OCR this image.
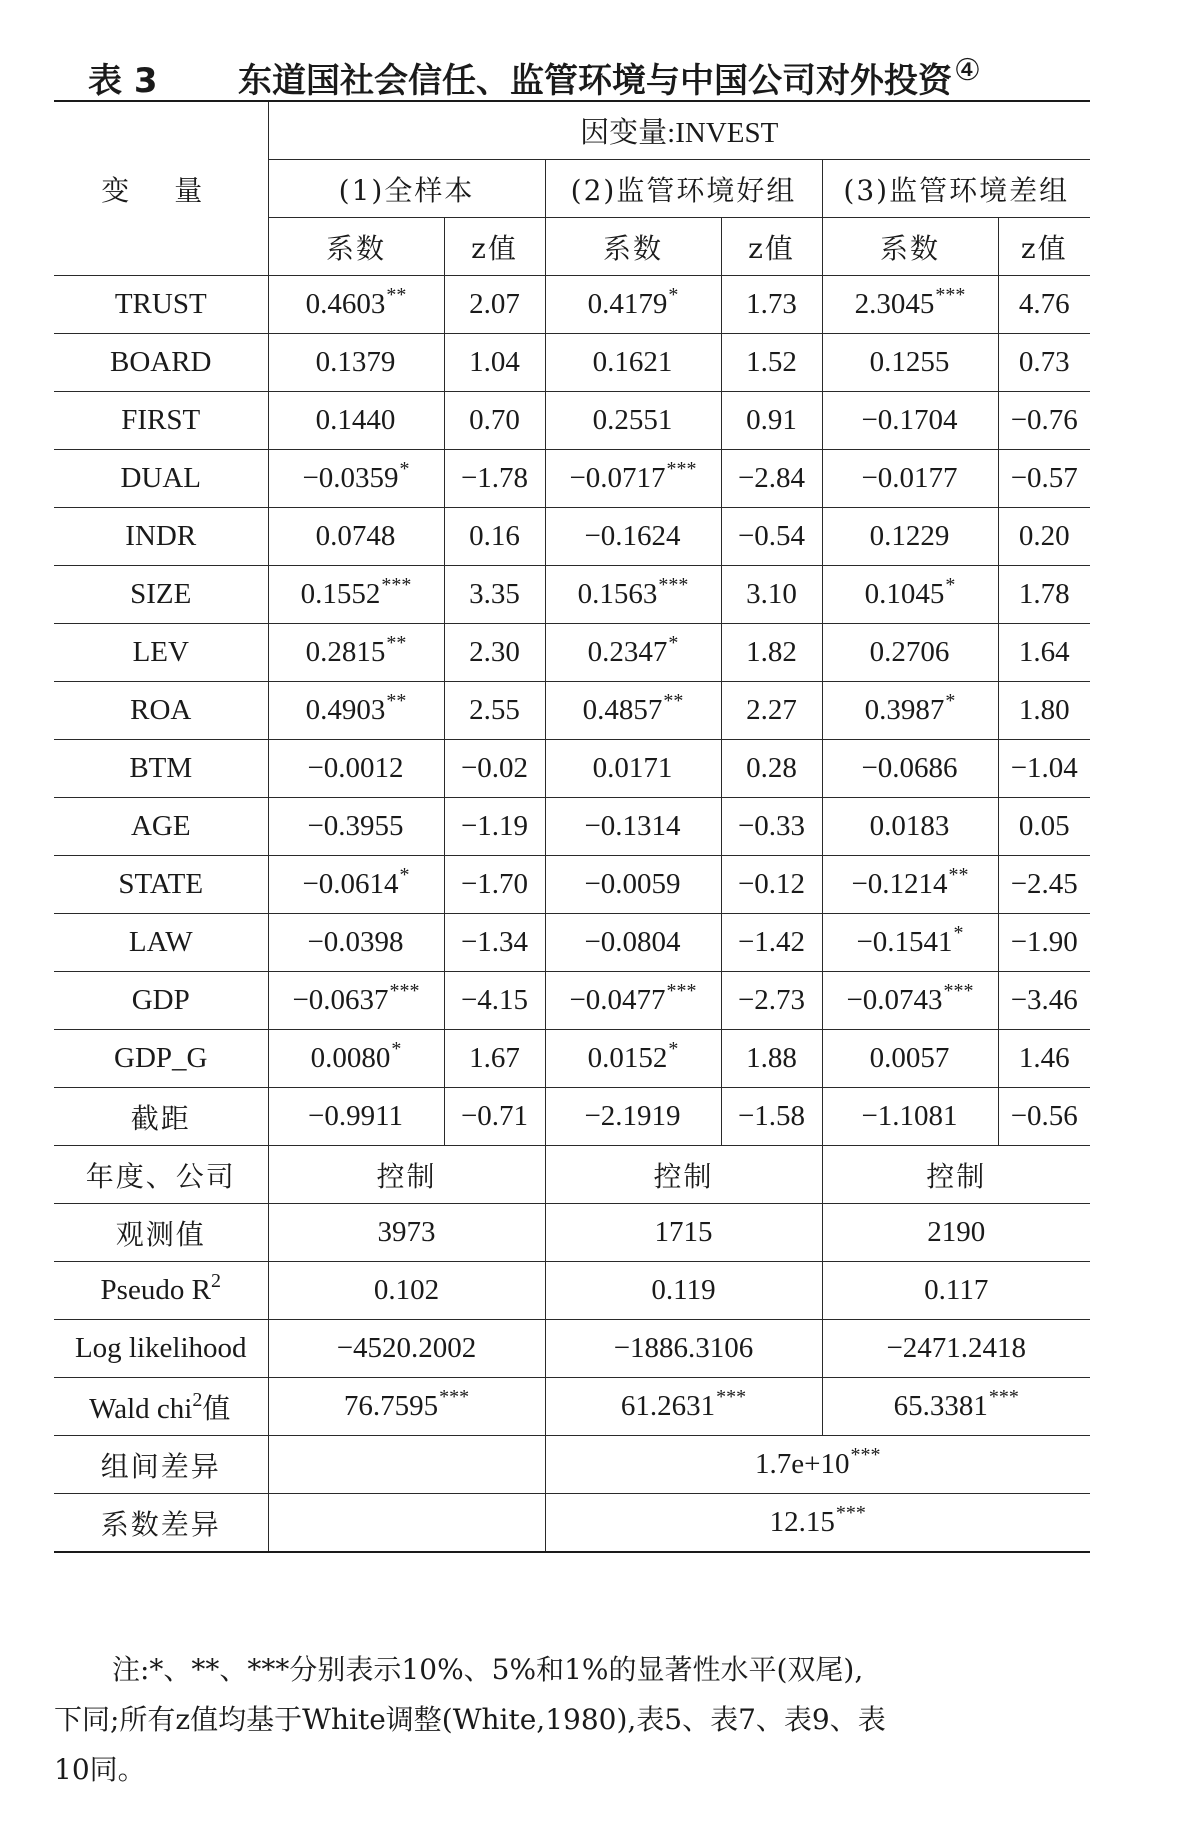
表 3 东道国社会信任、监管环境与中国公司对外投资④
变 量	因变量:INVEST					
	(1)全样本		(2)监管环境好组		(3)监管环境差组	
	系数	z值	系数	z值	系数	z值
TRUST	0.4603**	2.07	0.4179*	1.73	2.3045***	4.76
BOARD	0.1379	1.04	0.1621	1.52	0.1255	0.73
FIRST	0.1440	0.70	0.2551	0.91	−0.1704	−0.76
DUAL	−0.0359*	−1.78	−0.0717***	−2.84	−0.0177	−0.57
INDR	0.0748	0.16	−0.1624	−0.54	0.1229	0.20
SIZE	0.1552***	3.35	0.1563***	3.10	0.1045*	1.78
LEV	0.2815**	2.30	0.2347*	1.82	0.2706	1.64
ROA	0.4903**	2.55	0.4857**	2.27	0.3987*	1.80
BTM	−0.0012	−0.02	0.0171	0.28	−0.0686	−1.04
AGE	−0.3955	−1.19	−0.1314	−0.33	0.0183	0.05
STATE	−0.0614*	−1.70	−0.0059	−0.12	−0.1214**	−2.45
LAW	−0.0398	−1.34	−0.0804	−1.42	−0.1541*	−1.90
GDP	−0.0637***	−4.15	−0.0477***	−2.73	−0.0743***	−3.46
GDP_G	0.0080*	1.67	0.0152*	1.88	0.0057	1.46
截距	−0.9911	−0.71	−2.1919	−1.58	−1.1081	−0.56
年度、公司	控制		控制		控制	
观测值	3973		1715		2190	
Pseudo $R^2$	0.102		0.119		0.117	
Log likelihood	−4520.2002		−1886.3106		−2471.2418	
Wald chi$^2$值	76.7595***		61.2631***		65.3381***
组间差异			1.7e+10***
系数差异			12.15***
注:*、**、***分别表示10%、5%和1%的显著性水平(双尾),
下同;所有z值均基于White调整(White,1980),表5、表7、表9、表
10同。
